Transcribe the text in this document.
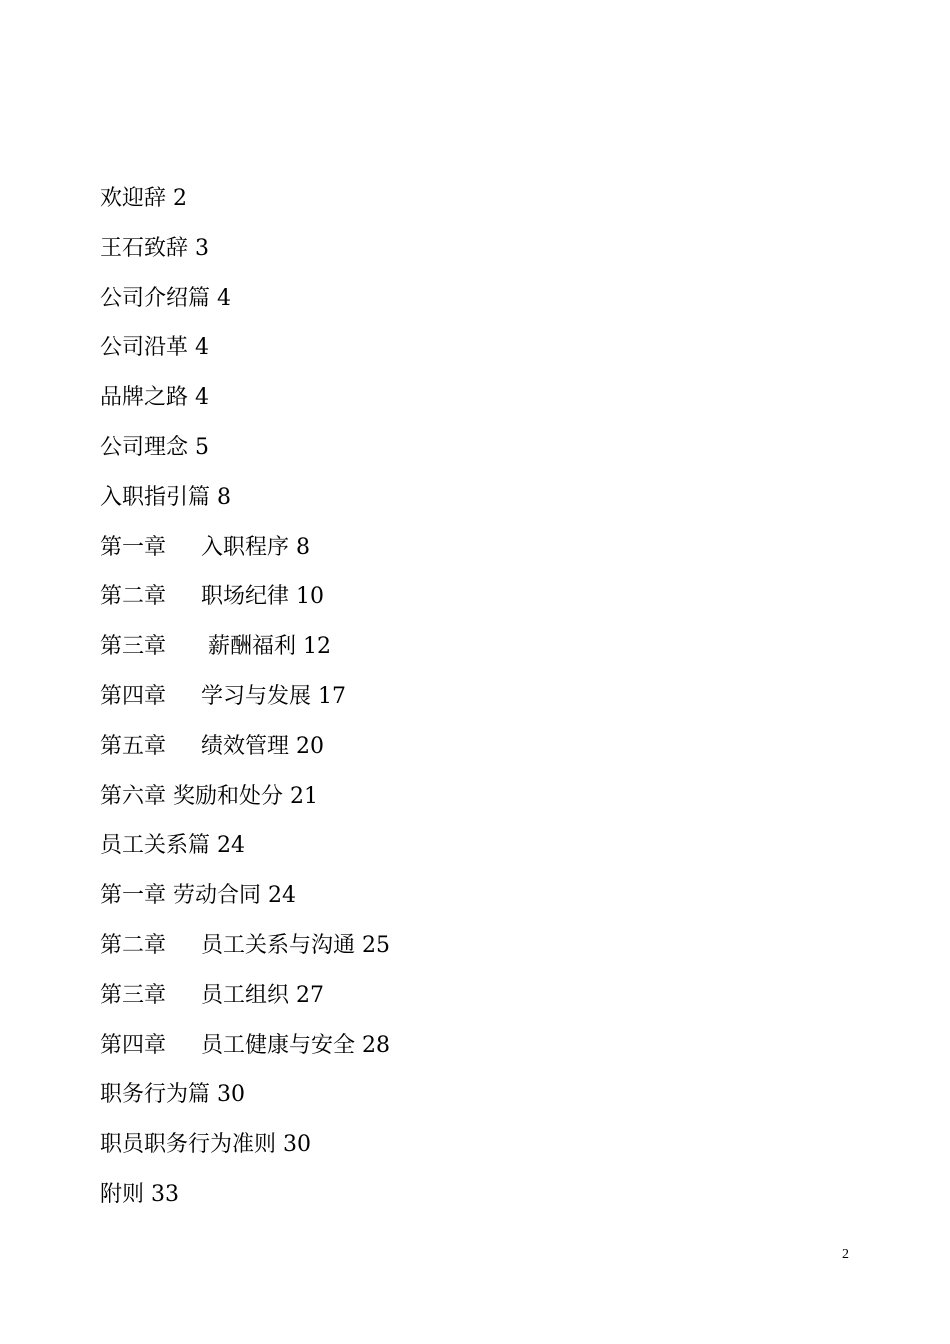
欢迎辞 2
王石致辞 3
公司介绍篇 4
公司沿革 4
品牌之路 4
公司理念 5
入职指引篇 8
第一章     入职程序 8
第二章     职场纪律 10
第三章      薪酬福利 12
第四章     学习与发展 17
第五章     绩效管理 20
第六章 奖励和处分 21
员工关系篇 24
第一章 劳动合同 24
第二章     员工关系与沟通 25
第三章     员工组织 27
第四章     员工健康与安全 28
职务行为篇 30
职员职务行为准则 30
附则 33
2
